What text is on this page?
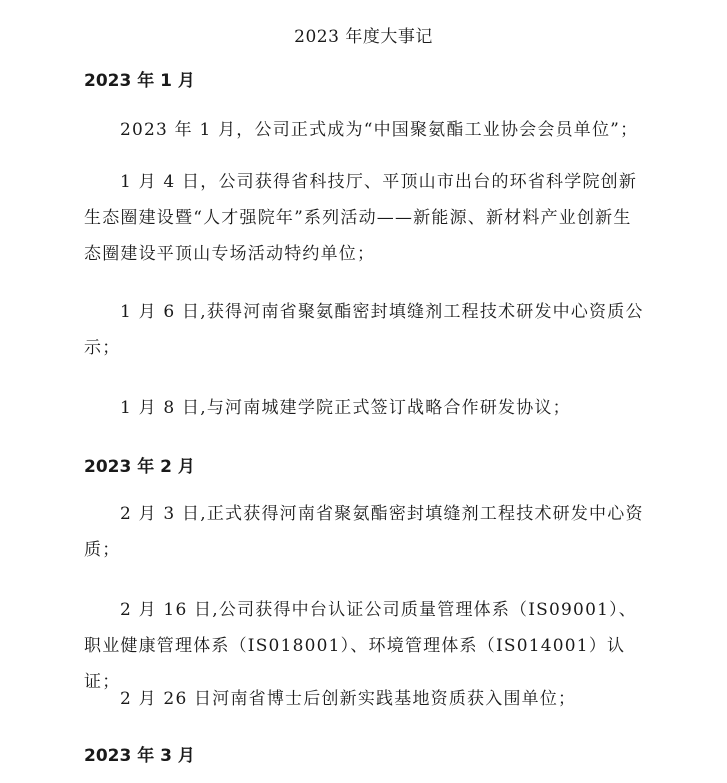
2023 年度大事记
2023 年 1 月
2023 年 1 月，公司正式成为“中国聚氨酯工业协会会员单位”；
1 月 4 日，公司获得省科技厅、平顶山市出台的环省科学院创新生态圈建设暨“人才强院年”系列活动——新能源、新材料产业创新生态圈建设平顶山专场活动特约单位；
1 月 6 日,获得河南省聚氨酯密封填缝剂工程技术研发中心资质公示；
1 月 8 日,与河南城建学院正式签订战略合作研发协议；
2023 年 2 月
2 月 3 日,正式获得河南省聚氨酯密封填缝剂工程技术研发中心资质；
2 月 16 日,公司获得中台认证公司质量管理体系（IS09001）、职业健康管理体系（IS018001）、环境管理体系（IS014001）认证；
2 月 26 日河南省博士后创新实践基地资质获入围单位；
2023 年 3 月
